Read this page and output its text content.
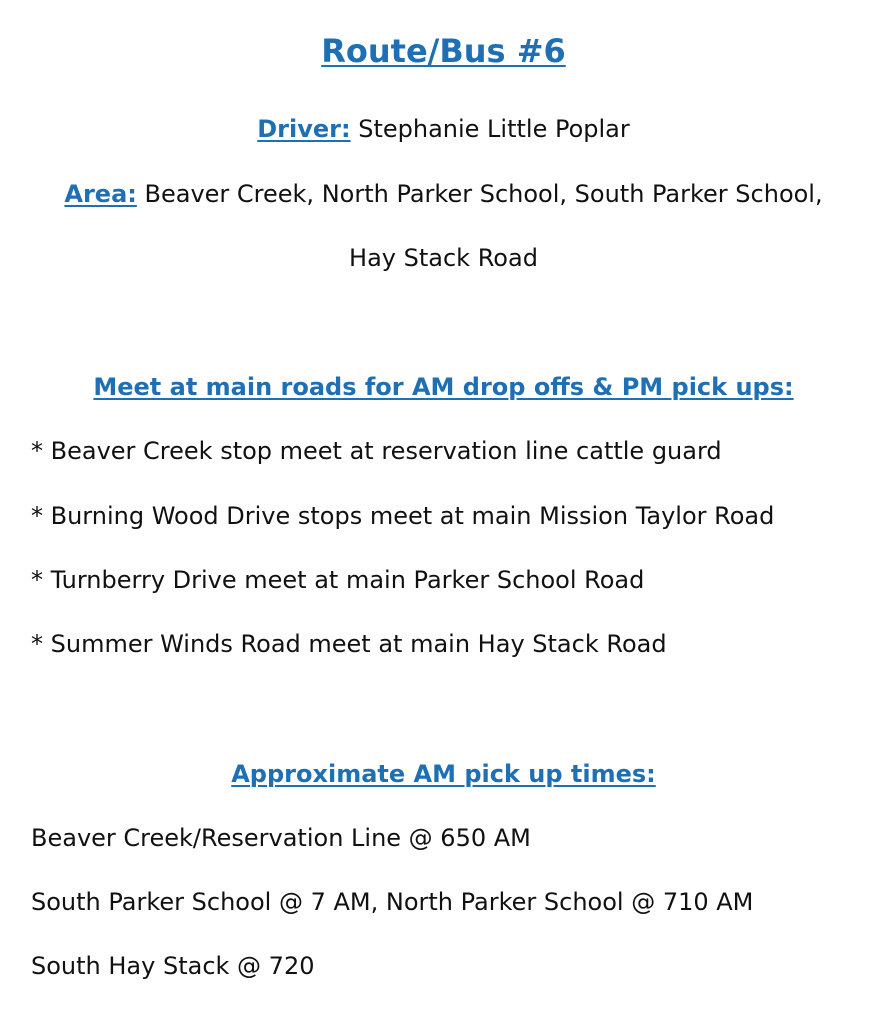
Route/Bus #6
Driver: Stephanie Little Poplar
Area: Beaver Creek, North Parker School, South Parker School,
Hay Stack Road
Meet at main roads for AM drop offs & PM pick ups:
* Beaver Creek stop meet at reservation line cattle guard
* Burning Wood Drive stops meet at main Mission Taylor Road
* Turnberry Drive meet at main Parker School Road
* Summer Winds Road meet at main Hay Stack Road
Approximate AM pick up times:
Beaver Creek/Reservation Line @ 650 AM
South Parker School @ 7 AM, North Parker School @ 710 AM
South Hay Stack @ 720
